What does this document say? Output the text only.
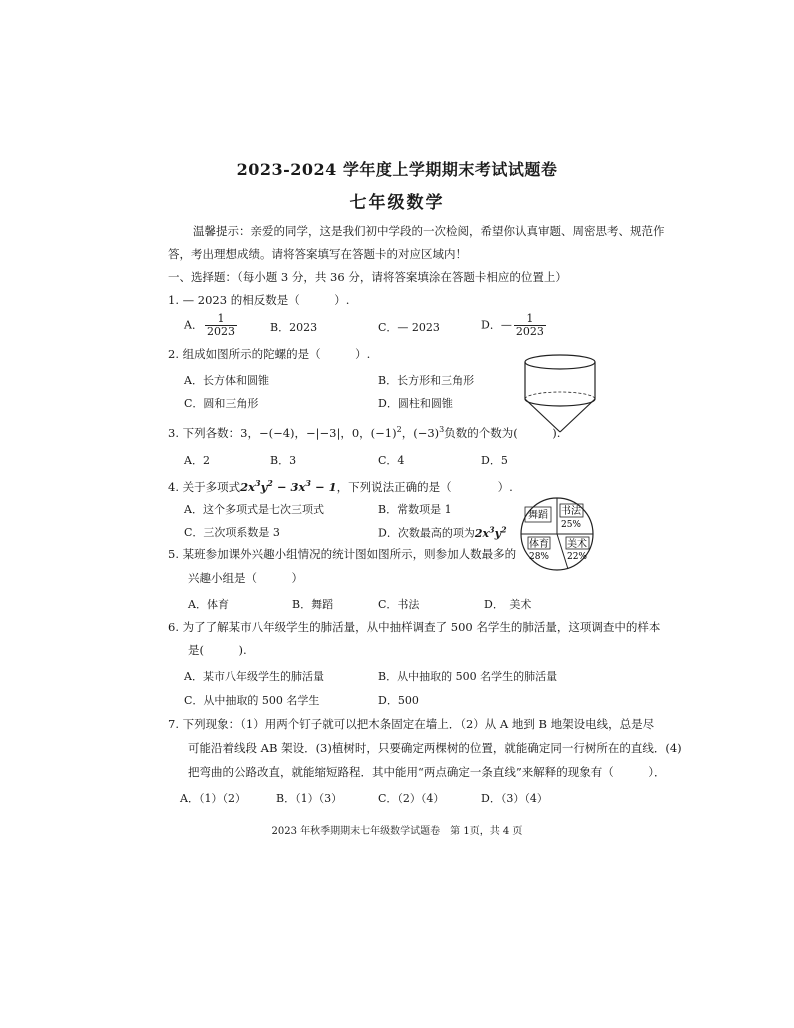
2023-2024 学年度上学期期末考试试题卷
七年级数学
温馨提示：亲爱的同学，这是我们初中学段的一次检阅，希望你认真审题、周密思考、规范作
答，考出理想成绩。请将答案填写在答题卡的对应区域内！
一、选择题：（每小题 3 分，共 36 分，请将答案填涂在答题卡相应的位置上）
1. — 2023 的相反数是（　　　）.
A． $\frac{1}{2023}$	B．2023	C．— 2023	D．— $\frac{1}{2023}$
2. 组成如图所示的陀螺的是（　　　）.
A．长方体和圆锥	B．长方形和三角形
C．圆和三角形	D．圆柱和圆锥
3. 下列各数：3，−(−4)，−|−3|，0，$(-1)^2$，$(-3)^3$负数的个数为(　　　).
A．2	B．3	C．4	D．5
4. 关于多项式$2x^3y^2 - 3x^3 - 1$，下列说法正确的是（　　　　）.
A．这个多项式是七次三项式	B．常数项是 1
C．三次项系数是 3	D．次数最高的项为$2x^3y^2$
舞蹈 书法
25%
体育
28%
美术
22%
5. 某班参加课外兴趣小组情况的统计图如图所示，则参加人数最多的
兴趣小组是（　　　）
A．体育	B．舞蹈	C．书法	D．　美术
6. 为了了解某市八年级学生的肺活量，从中抽样调查了 500 名学生的肺活量，这项调查中的样本
是(　　　).
A．某市八年级学生的肺活量	B．从中抽取的 500 名学生的肺活量
C．从中抽取的 500 名学生	D．500
7. 下列现象：（1）用两个钉子就可以把木条固定在墙上．（2）从 A 地到 B 地架设电线，总是尽
可能沿着线段 AB 架设．(3)植树时，只要确定两棵树的位置，就能确定同一行树所在的直线．(4)
把弯曲的公路改直，就能缩短路程．其中能用“两点确定一条直线”来解释的现象有（　　　）．
A．（1）（2）	B．（1）（3）	C．（2）（4）	D．（3）（4）
2023 年秋季期期末七年级数学试题卷　第 1页，共 4 页
